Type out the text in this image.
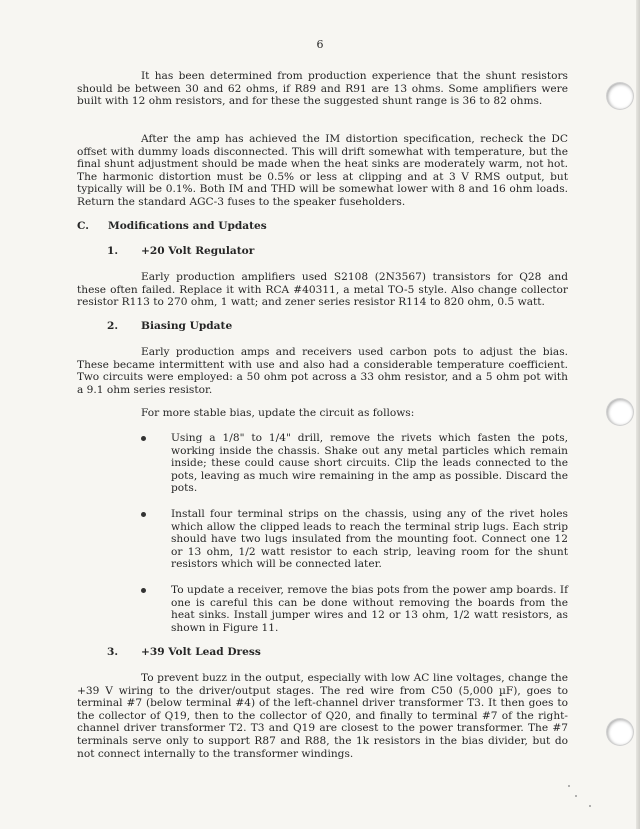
6

It has been determined from production experience that the shunt resistors should be between 30 and 62 ohms, if R89 and R91 are 13 ohms. Some amplifiers were built with 12 ohm resistors, and for these the suggested shunt range is 36 to 82 ohms.

After the amp has achieved the IM distortion specification, recheck the DC offset with dummy loads disconnected. This will drift somewhat with temperature, but the final shunt adjustment should be made when the heat sinks are moderately warm, not hot. The harmonic distortion must be 0.5% or less at clipping and at 3 V RMS output, but typically will be 0.1%. Both IM and THD will be somewhat lower with 8 and 16 ohm loads. Return the standard AGC-3 fuses to the speaker fuseholders.

C. Modifications and Updates
1. +20 Volt Regulator

Early production amplifiers used S2108 (2N3567) transistors for Q28 and these often failed. Replace it with RCA #40311, a metal TO-5 style. Also change collector resistor R113 to 270 ohm, 1 watt; and zener series resistor R114 to 820 ohm, 0.5 watt.

2. Biasing Update

Early production amps and receivers used carbon pots to adjust the bias. These became intermittent with use and also had a considerable temperature coefficient. Two circuits were employed: a 50 ohm pot across a 33 ohm resistor, and a 5 ohm pot with a 9.1 ohm series resistor.

For more stable bias, update the circuit as follows:

Using a 1/8" to 1/4" drill, remove the rivets which fasten the pots, working inside the chassis. Shake out any metal particles which remain inside; these could cause short circuits. Clip the leads connected to the pots, leaving as much wire remaining in the amp as possible. Discard the pots.

Install four terminal strips on the chassis, using any of the rivet holes which allow the clipped leads to reach the terminal strip lugs. Each strip should have two lugs insulated from the mounting foot. Connect one 12 or 13 ohm, 1/2 watt resistor to each strip, leaving room for the shunt resistors which will be connected later.

To update a receiver, remove the bias pots from the power amp boards. If one is careful this can be done without removing the boards from the heat sinks. Install jumper wires and 12 or 13 ohm, 1/2 watt resistors, as shown in Figure 11.

3. +39 Volt Lead Dress

To prevent buzz in the output, especially with low AC line voltages, change the +39 V wiring to the driver/output stages. The red wire from C50 (5,000 µF), goes to terminal #7 (below terminal #4) of the left-channel driver transformer T3. It then goes to the collector of Q19, then to the collector of Q20, and finally to terminal #7 of the right-channel driver transformer T2. T3 and Q19 are closest to the power transformer. The #7 terminals serve only to support R87 and R88, the 1k resistors in the bias divider, but do not connect internally to the transformer windings.
